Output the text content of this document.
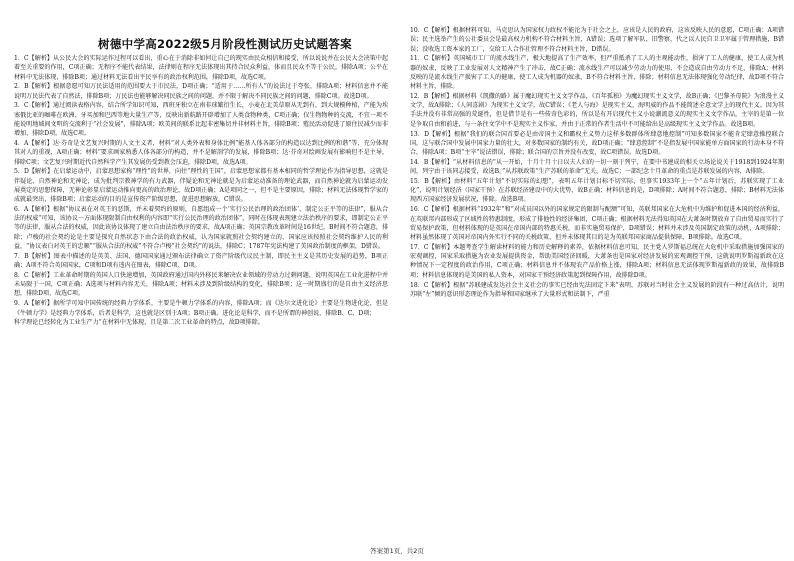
树德中学高2022级5月阶段性测试历史试题答案

1．C【解析】从公民大会的实际运作过程可以看出，重心在于消除非如何让自己的现实由民众相信和接受，所以说说并在公民大会决策中起着至关重要的作用，C项正确；无程序不能代表结果，法律则在程序无法体现出其持合民众利益，体而且民众不等于公民，排除A项；公平在材料中无法体现，排除B项；通过材料无法看出平民享有的政治权利范围，排除D项，故选C项。

2．B【解析】根据意愿可知万民法适用的范围要大于市民法，D项正确；“适用于……所有人”的说法过于夸张，排除A项；材料信息并不能说明万民法代表了自然法，排除B项；万民法也能够解决同民族之间的问题，并不限于解决不同民族之间的问题，排除C项。故选D项。

3．C【解析】通过阅读表格内容，结合所学知识可知，西班牙独立在南非球繁衍生长，小麦在北美草原从无到有，到大规模种植，产能为埃塞俄比亚的咖啡在欧洲、牙买加和巴西等地大量生产等，反映出新航路开辟增加了人类食物种类，C项正确；仅生物物种的交流，不宜一项不能说明地域间文明的交流利于“社会发展”，排除A项；欧美间的联系比起非密集切并非材料主旨，排除B项；殖民活动促进了原住民减少而非增加，排除D项。故选C项。

4．A【解析】达·芬奇是文艺复兴时期的人文主义者，材料“对人类外表和身体比例”能基人体各部分的构造以达到比例的和谐”等，充分体现其对人的重视，A项正确；材料“要求画家熟悉人体各部分的构造，并不是解剖学的发展，排除B项；达·芬奇对绘画发展有影响但不是主导，排除C项；文艺复兴时期近代自然科学产生其发展仍受到教会压迫，排除D项，故选A项。

5．D【解析】在启蒙运动中，启蒙思想家称“理性”的世界，向往“理性的王国”，启蒙思想家都有基本相同的哲学理论作为指导思想，这就是伴疑论、自然神论和无神论，成为批判宗教神学的有力武器，伴疑论和无神论就是为启蒙运动准备的理论武器，而自然神论就为启蒙运动发展奠定的思想保障，无神论彰显启蒙运动推向更高的政治理论，故D项正确；A是项同之一，但不是主要原因，排除；材料无法体现哲学家的成就最突出，排除B项；启蒙运动的目的是宣传资产阶级思想，促进思想解放，C错误。

6．A【解析】根据“协议表在对英王的恶斯，并未着契约的原则，自愿组成一个‘实行公民治理的政治团体’，制定公正平等的法律”，服从合法的权威“可知，该协议一方面体现限制自由权利的内容即“实行公民治理的政治团体”，同时在体现表现建立法治秩序的要求，即制定公正平等的法律，服从合法的权威，因此该协议体现了建立自由法治秩序的要求，故A项正确；英国宗教改革时间是16世纪，B时间不符合题意，排除；卢梭的社会契约论是主要是探究自然状态下由合法的政治权威，认为国家就照社会契约建立的，国家应该按照社会契约维护人民的利益，“协议表白对英王的忠顺”“服从合法的权威”不符合卢梭“社会契约”的说法，排除C；1787年宪法构建了美国政治制度的框架，D错误。

7．B【解析】图表中描述的是英美、法国、德国国家通过颁布法律确立了资产阶级代议民主制，即民主主义是其历史发展的趋势，B项正确；A项不符合英国国家，C项和D项有违内在图表，排除C项、D项。

8．C【解析】工业革命时期的英国人口快速增加，英国政府通过国内外移民来解决农业领域的劳动力过剩问题，说明英国在工业化进程中并未局限于一国，C项正确；A选项与材料内容无关，排除A项；材料未涉及到阶级结构的变化，排除B项；这一时期盛行的是自由主义经济思想，排除D项，故选C项。

9．A【解析】据所学可知中国传统的经典力学体系，主要是牛顿力学体系的内容，排除A项；而《达尔文进化论》主要是生物进化论，但是《牛顿力学》是经典力学体系，后者是科学，这也就是区别于A项；B项正确。进化论是科学，而不是所谓的神创说，排除B、C、D项；

科学理论已经转化为工业生产力“在材料中无体现，且是第二次工业革命的特点，故D项排除。

10．C【解析】根据材料可知，马克思认为国家权力政权不能沦为于社会之上，应该是人民的政府，这该反映人民的意愿，C项正确；A项错误；民主选举产生的公社委员会是最高权力机构不符合材料主旨，A错误；选项了解军队、旧警察，代之以人民自卫卫军属于管理措施，B错误；没收选工资本家的工厂，交给工人合作社管理不符合材料主旨，D错误。

11．C【解析】英国城市工厂的流水线生产，极大地提高了生产效率，但严重抵杀了工人的主观能动性，损害了工人的健康，使工人成为机器的奴隶，反映了工业发展对人文精神产生了冲击，故C正确；流水线生产可以减少劳动力的使用，不会造成自由劳动力不足，排除A；材料反映的是流水线生产损害了工人的健康，使工人成为机器的奴隶，B不符合材料主旨，排除；材料信息无法体现强化劳动纪律，故D项不符合材料主旨，排除。

12．B【解析】根据材料《凯撒的路》属于魔幻现实主义文学作品，《百年孤独》为魔幻现实主义文学，故B正确；《巴黎圣母院》为浪漫主义文学，故A排除；《人间喜剧》为现实主义文学，故C错误；《老人与海》是现实主义，海明威的作品不能简述全意文学上的现代主义。因为其手法并没有非常高强的荒诞性，但是借节是有一些传奇色彩的，所以是有开启现代主义小说潮流意义的现实主义文学作品，主宰的是第一位是争取自由和前进，与一条往文学中不是现实主义作家，并由于正常的作者生活中不可能给出是高级现实主义文学作品。故选B项。

13．D【解析】根据“我们的联合国首要必是由帝国主义和霸权主义势力这样多数群体所肆意地控制”可知多数国家不能肯定肆意操控联合国，这与联合国中发展中国家力量的壮大，对多数国家的制约有关，故D项正确；“肆意控制”不是指发展中国家能单方面国家的行动本身不符合，排除A项；B项“主宰”说法错误，排除；联合国的宗旨并没有改变，故C项错误。故选D项。

14．B【解析】“从材料信息的“从一开始，十月十月十日以夫人妇的一切一刻于列宁，在要中书建成的相关立场论说关于1918到1924年期间，列宁由于该同志接受，故选B。”从苏联政策“生产苏联的革命”无关，故选C；一部纪念十月革命的重点是苏联发展的内容，A排除。

15．B【解析】由材料“五年计划”不切实际的幻想”，表明五年计划目标不切实际，但事实1933年上一个“五年计划后，苏联实现了工业化”，说明计划经济（国家干预）在苏联经济建设中的大优势，故B正确；材料信息的是，D项排除；A时间不符合题意，排除；B材料无法体现西方国家经济发展状况，排除。故选B项。

16．C【解析】根据材料“1932年”和“对成员国以外的国家规定的限制与配额”可知，英联邦国家在大危机中为维护和促进本国的经济利益，在英联邦内部形成了区域性的特惠制度，形成了排他性的经济集团，C项正确；根据材料无法得知英国在大萧条时期放弃了自由贸易而实行了贸易保护政策，但材料体现的是英国在帝国内部的特惠关税，而非实施贸易保护，D项错误；材料并未涉及英国制定政策的动机，A项排除；材料虽然体现了英国对帝国内外实行不同的关税政策，但并未体现其目的是为英联邦国家商品提供保障，B项排除。故选C项。

17．C【解析】本题考查学生解读材料的能力和历史解释的素养，依据材料信息可知，民主党人罗斯福总统在大危机中采取措施加强国家的宏观调控，国家采取措施为农业发展提供资金，帮助美国经济回暖，大萧条也是国家对经济发展的宏观调控干预，这就说明罗斯福新政在这种情况下一定程度的政治作用，C项正确；材料信息并不体现农产品价格上涨，排除A项；材料信息无法体现罗斯福新政的效果，故排除B项；材料信息体现的是美国的私人资本，对国家干预经济政策起到保障作用，故排除D项。

18．C【解析】根据“苏联建成发达社会主义社会的事实已经由宪法固定下来”表明，苏联对当时社会主义发展的阶段有一种过高估计，说明苏联“左”倾的意识形态理论作为指导和国家继承了大量形式和法制下，严重

答案第1页，共2页
